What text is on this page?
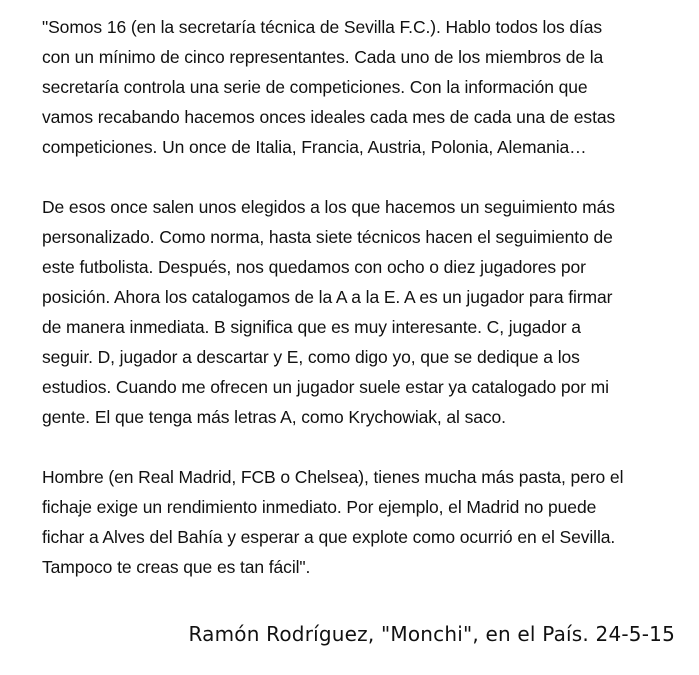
"Somos 16 (en la secretaría técnica de Sevilla F.C.). Hablo todos los días
con un mínimo de cinco representantes. Cada uno de los miembros de la
secretaría controla una serie de competiciones. Con la información que
vamos recabando hacemos onces ideales cada mes de cada una de estas
competiciones. Un once de Italia, Francia, Austria, Polonia, Alemania…
De esos once salen unos elegidos a los que hacemos un seguimiento más
personalizado. Como norma, hasta siete técnicos hacen el seguimiento de
este futbolista. Después, nos quedamos con ocho o diez jugadores por
posición. Ahora los catalogamos de la A a la E. A es un jugador para firmar
de manera inmediata. B significa que es muy interesante. C, jugador a
seguir. D, jugador a descartar y E, como digo yo, que se dedique a los
estudios. Cuando me ofrecen un jugador suele estar ya catalogado por mi
gente. El que tenga más letras A, como Krychowiak, al saco.
Hombre (en Real Madrid, FCB o Chelsea), tienes mucha más pasta, pero el
fichaje exige un rendimiento inmediato. Por ejemplo, el Madrid no puede
fichar a Alves del Bahía y esperar a que explote como ocurrió en el Sevilla.
Tampoco te creas que es tan fácil".
Ramón Rodríguez, "Monchi", en el País. 24-5-15
